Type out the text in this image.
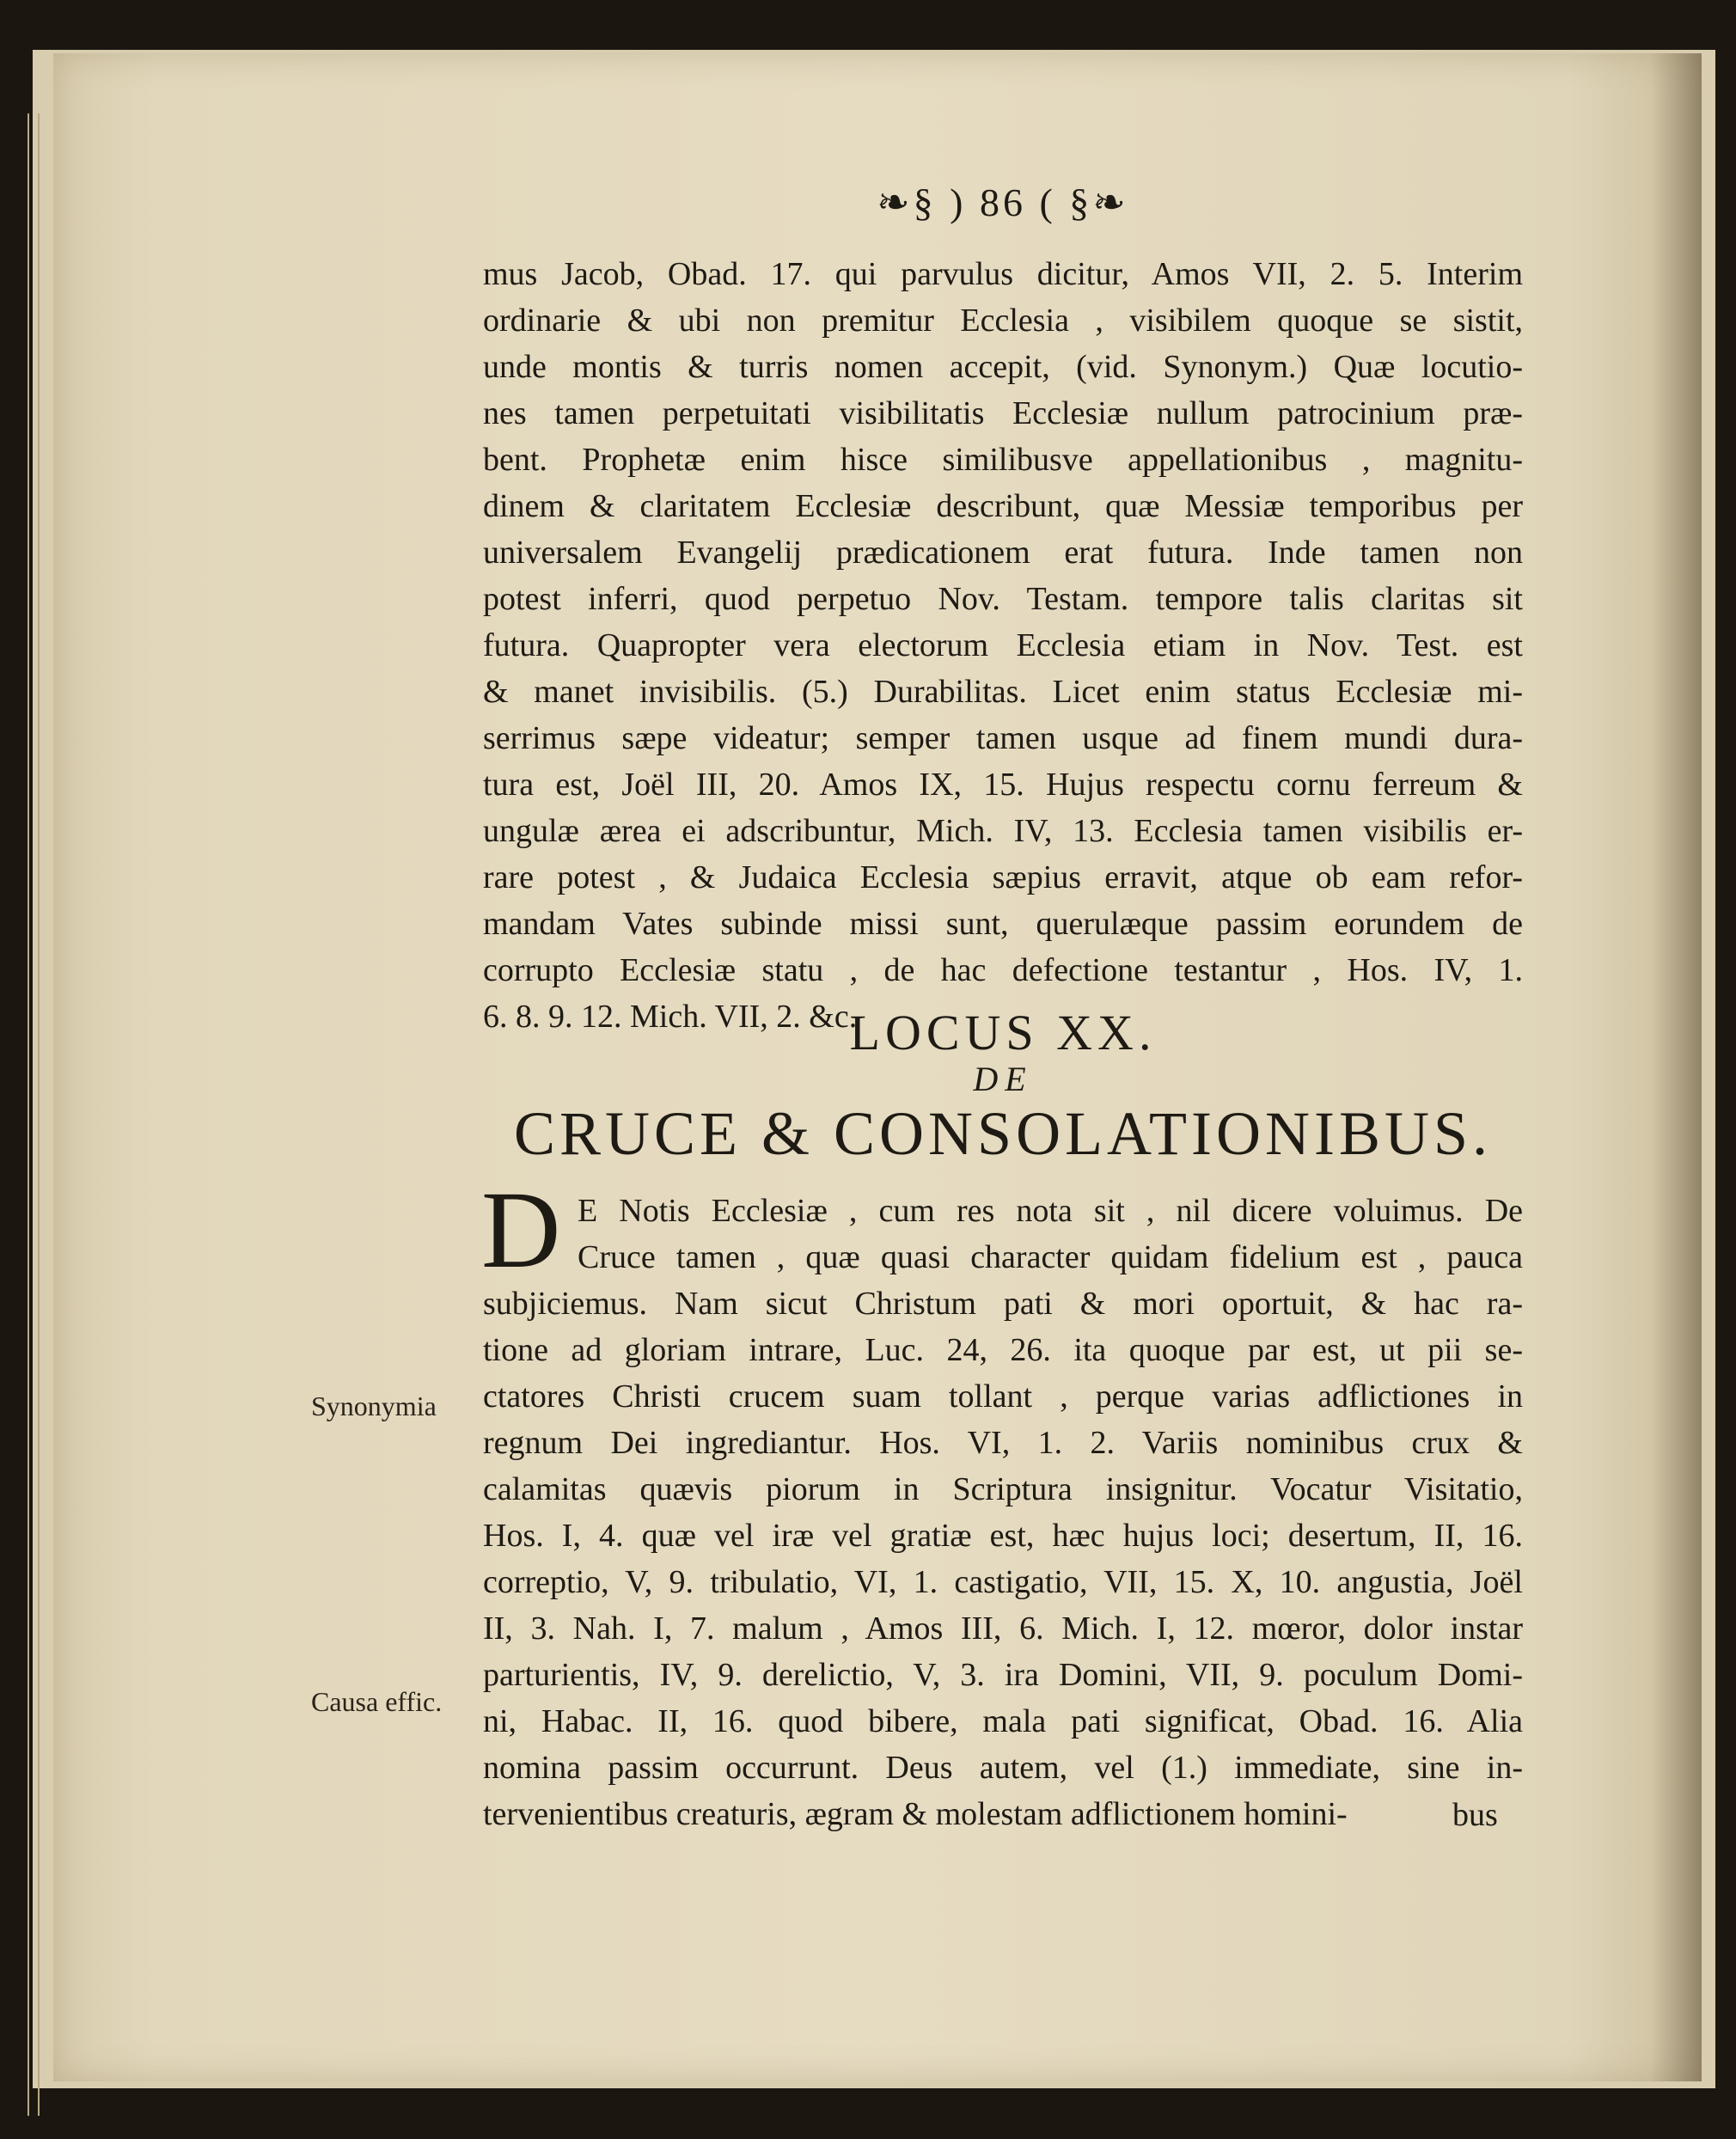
❧§ ) 86 ( §❧
mus Jacob, Obad. 17. qui parvulus dicitur, Amos VII, 2. 5. Interim
ordinarie & ubi non premitur Ecclesia , visibilem quoque se sistit,
unde montis & turris nomen accepit, (vid. Synonym.) Quæ locutio-
nes tamen perpetuitati visibilitatis Ecclesiæ nullum patrocinium præ-
bent. Prophetæ enim hisce similibusve appellationibus , magnitu-
dinem & claritatem Ecclesiæ describunt, quæ Messiæ temporibus per
universalem Evangelij prædicationem erat futura. Inde tamen non
potest inferri, quod perpetuo Nov. Testam. tempore talis claritas sit
futura. Quapropter vera electorum Ecclesia etiam in Nov. Test. est
& manet invisibilis. (5.) Durabilitas. Licet enim status Ecclesiæ mi-
serrimus sæpe videatur; semper tamen usque ad finem mundi dura-
tura est, Joël III, 20. Amos IX, 15. Hujus respectu cornu ferreum &
ungulæ ærea ei adscribuntur, Mich. IV, 13. Ecclesia tamen visibilis er-
rare potest , & Judaica Ecclesia sæpius erravit, atque ob eam refor-
mandam Vates subinde missi sunt, querulæque passim eorundem de
corrupto Ecclesiæ statu , de hac defectione testantur , Hos. IV, 1.
6. 8. 9. 12. Mich. VII, 2. &c.
LOCUS XX.
DE
CRUCE & CONSOLATIONIBUS.
D E Notis Ecclesiæ , cum res nota sit , nil dicere voluimus. De
Cruce tamen , quæ quasi character quidam fidelium est , pauca
subjiciemus. Nam sicut Christum pati & mori oportuit, & hac ra-
tione ad gloriam intrare, Luc. 24, 26. ita quoque par est, ut pii se-
ctatores Christi crucem suam tollant , perque varias adflictiones in
regnum Dei ingrediantur. Hos. VI, 1. 2. Variis nominibus crux &
calamitas quævis piorum in Scriptura insignitur. Vocatur Visitatio,
Hos. I, 4. quæ vel iræ vel gratiæ est, hæc hujus loci; desertum, II, 16.
correptio, V, 9. tribulatio, VI, 1. castigatio, VII, 15. X, 10. angustia, Joël
II, 3. Nah. I, 7. malum , Amos III, 6. Mich. I, 12. mœror, dolor instar
parturientis, IV, 9. derelictio, V, 3. ira Domini, VII, 9. poculum Domi-
ni, Habac. II, 16. quod bibere, mala pati significat, Obad. 16. Alia
nomina passim occurrunt. Deus autem, vel (1.) immediate, sine in-
tervenientibus creaturis, ægram & molestam adflictionem homini-
Synonymia
Causa effic.
bus
